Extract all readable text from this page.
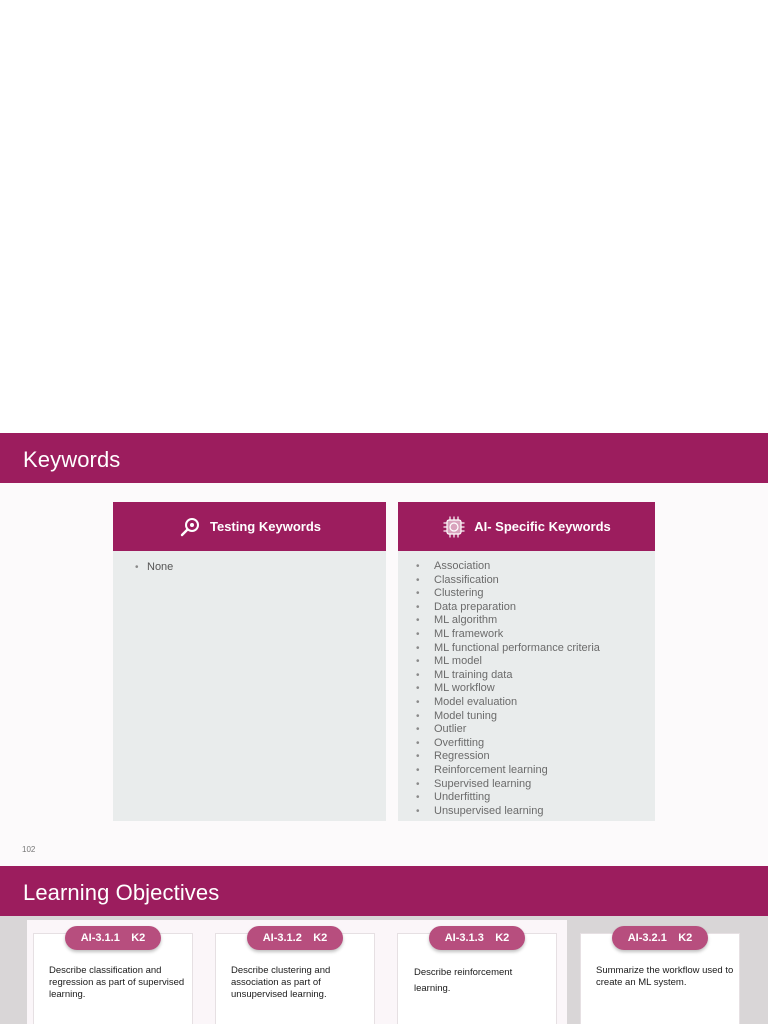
Keywords
Testing Keywords
• None
AI- Specific Keywords
• Association
• Classification
• Clustering
• Data preparation
• ML algorithm
• ML framework
• ML functional performance criteria
• ML model
• ML training data
• ML workflow
• Model evaluation
• Model tuning
• Outlier
• Overfitting
• Regression
• Reinforcement learning
• Supervised learning
• Underfitting
• Unsupervised learning
102
Learning Objectives
AI-3.1.1 K2
Describe classification and regression as part of supervised learning.
AI-3.1.2 K2
Describe clustering and association as part of unsupervised learning.
AI-3.1.3 K2
Describe reinforcement learning.
AI-3.2.1 K2
Summarize the workflow used to create an ML system.
